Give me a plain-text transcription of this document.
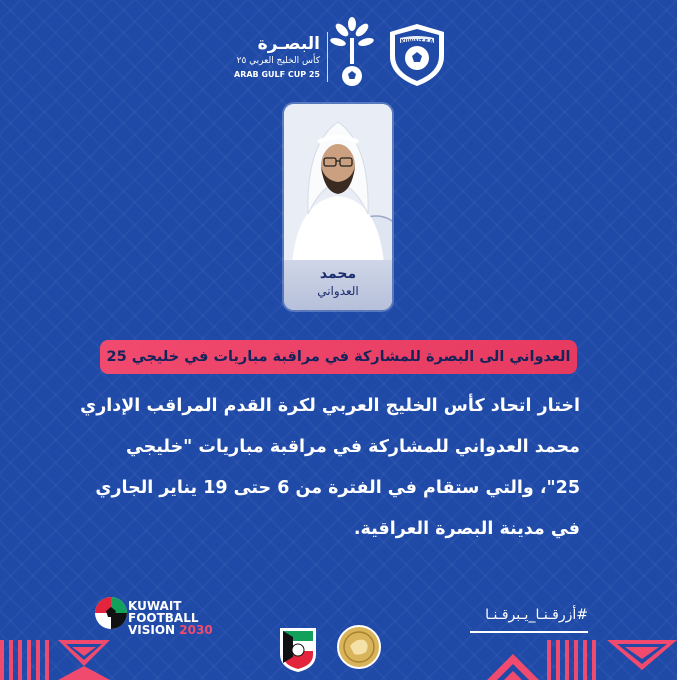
البصـرة
كأس الخليج العربي ٢٥
ARAB GULF CUP 25
KUWAIT F.A
محمد
العدواني
العدواني الى البصرة للمشاركة في مراقبة مباريات في خليجي 25
اختار اتحاد كأس الخليج العربي لكرة القدم المراقب الإداري
محمد العدواني للمشاركة في مراقبة مباريات "خليجي
25"، والتي ستقام في الفترة من 6 حتى 19 يناير الجاري
في مدينة البصرة العراقية.
KUWAIT
FOOTBALL
VISION 2030
#أزرقـنـا_يـبرقـنـا
